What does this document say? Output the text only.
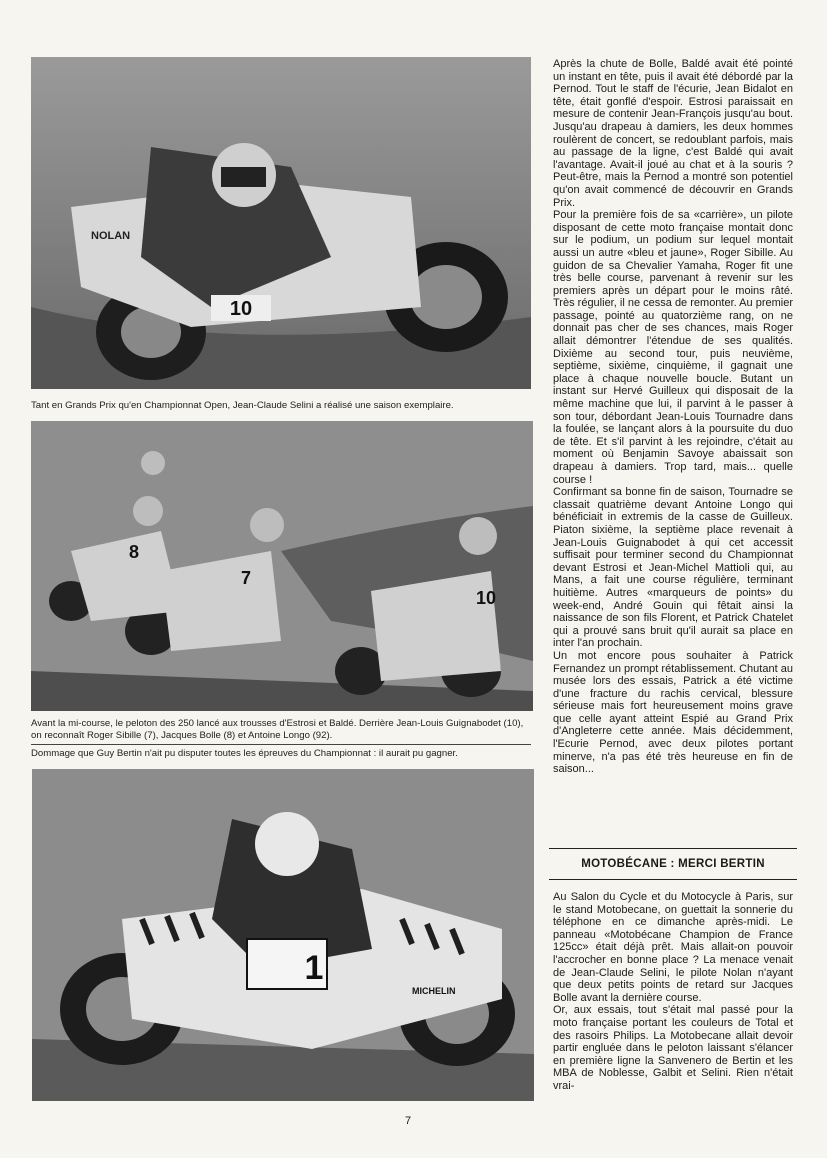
10
NOLAN
Tant en Grands Prix qu'en Championnat Open, Jean-Claude Selini a réalisé une saison exemplaire.
8
7
10
Avant la mi-course, le peloton des 250 lancé aux trousses d'Estrosi et Baldé. Derrière Jean-Louis Guignabodet (10), on reconnaît Roger Sibille (7), Jacques Bolle (8) et Antoine Longo (92).
Dommage que Guy Bertin n'ait pu disputer toutes les épreuves du Championnat : il aurait pu gagner.
1
MICHELIN

Après la chute de Bolle, Baldé avait été pointé un instant en tête, puis il avait été débordé par la Pernod. Tout le staff de l'écurie, Jean Bidalot en tête, était gonflé d'espoir. Estrosi paraissait en mesure de contenir Jean-François jusqu'au bout. Jusqu'au drapeau à damiers, les deux hommes roulèrent de concert, se redoublant parfois, mais au passage de la ligne, c'est Baldé qui avait l'avantage. Avait-il joué au chat et à la souris ? Peut-être, mais la Pernod a montré son potentiel qu'on avait commencé de découvrir en Grands Prix.

Pour la première fois de sa «carrière», un pilote disposant de cette moto française montait donc sur le podium, un podium sur lequel montait aussi un autre «bleu et jaune», Roger Sibille. Au guidon de sa Chevalier Yamaha, Roger fit une très belle course, parvenant à revenir sur les premiers après un départ pour le moins râté. Très régulier, il ne cessa de remonter. Au premier passage, pointé au quatorzième rang, on ne donnait pas cher de ses chances, mais Roger allait démontrer l'étendue de ses qualités. Dixième au second tour, puis neuvième, septième, sixième, cinquième, il gagnait une place à chaque nouvelle boucle. Butant un instant sur Hervé Guilleux qui disposait de la même machine que lui, il parvint à le passer à son tour, débordant Jean-Louis Tournadre dans la foulée, se lançant alors à la poursuite du duo de tête. Et s'il parvint à les rejoindre, c'était au moment où Benjamin Savoye abaissait son drapeau à damiers. Trop tard, mais... quelle course !

Confirmant sa bonne fin de saison, Tournadre se classait quatrième devant Antoine Longo qui bénéficiait in extremis de la casse de Guilleux. Piaton sixième, la septième place revenait à Jean-Louis Guignabodet à qui cet accessit suffisait pour terminer second du Championnat devant Estrosi et Jean-Michel Mattioli qui, au Mans, a fait une course régulière, terminant huitième. Autres «marqueurs de points» du week-end, André Gouin qui fêtait ainsi la naissance de son fils Florent, et Patrick Chatelet qui a prouvé sans bruit qu'il aurait sa place en inter l'an prochain.

Un mot encore pous souhaiter à Patrick Fernandez un prompt rétablissement. Chutant au musée lors des essais, Patrick a été victime d'une fracture du rachis cervical, blessure sérieuse mais fort heureusement moins grave que celle ayant atteint Espié au Grand Prix d'Angleterre cette année. Mais décidemment, l'Ecurie Pernod, avec deux pilotes portant minerve, n'a pas été très heureuse en fin de saison...

MOTOBÉCANE : MERCI BERTIN

Au Salon du Cycle et du Motocycle à Paris, sur le stand Motobecane, on guettait la sonnerie du téléphone en ce dimanche après-midi. Le panneau «Motobécane Champion de France 125cc» était déjà prêt. Mais allait-on pouvoir l'accrocher en bonne place ? La menace venait de Jean-Claude Selini, le pilote Nolan n'ayant que deux petits points de retard sur Jacques Bolle avant la dernière course.

Or, aux essais, tout s'était mal passé pour la moto française portant les couleurs de Total et des rasoirs Philips. La Motobecane allait devoir partir engluée dans le peloton laissant s'élancer en première ligne la Sanvenero de Bertin et les MBA de Noblesse, Galbit et Selini. Rien n'était vrai-

7
